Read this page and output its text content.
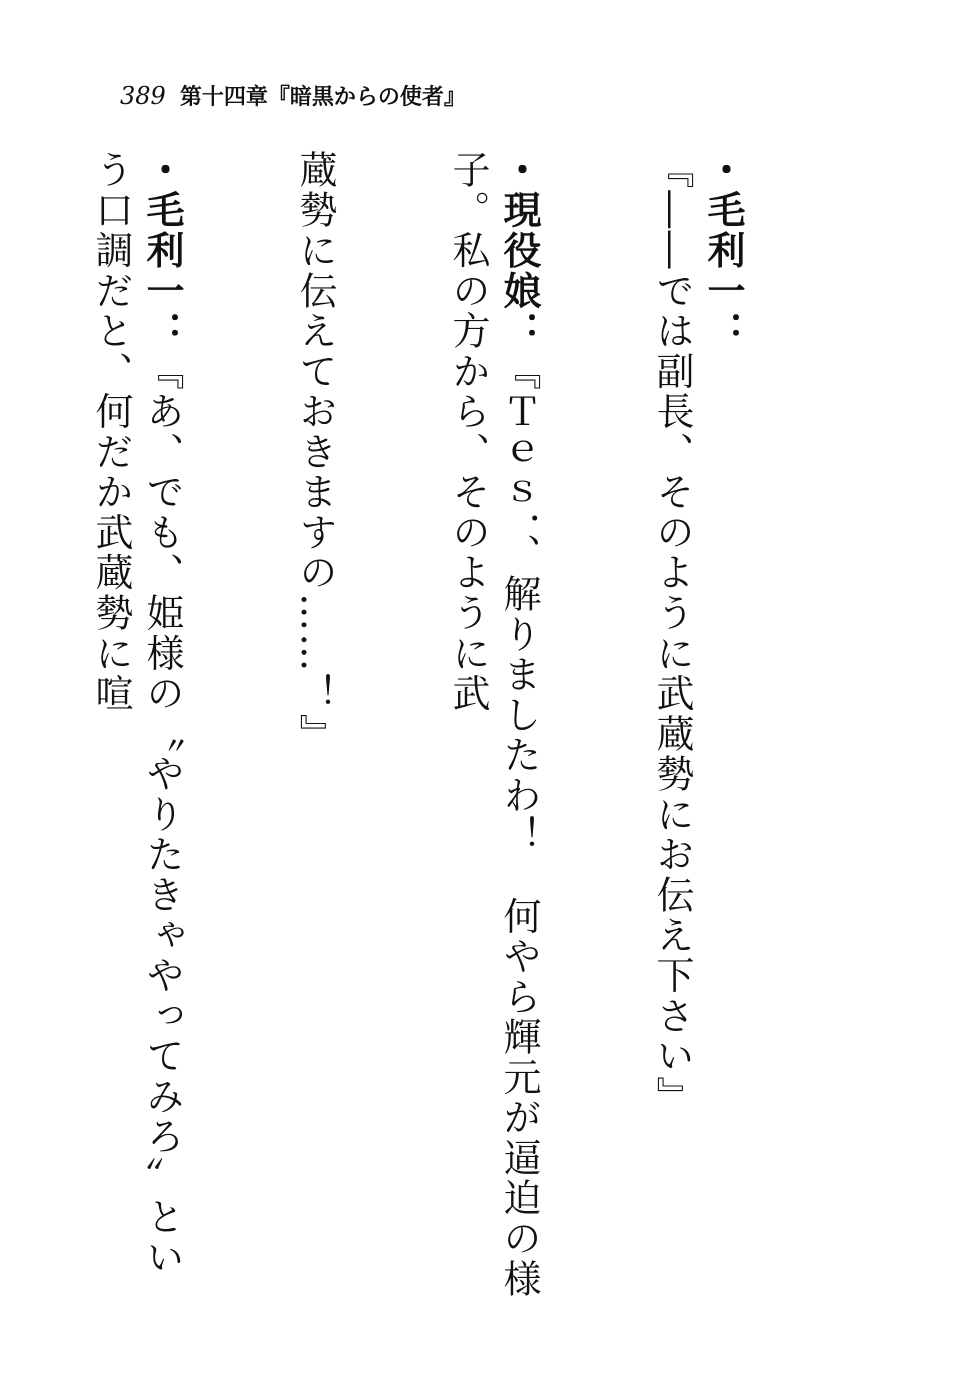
389 第十四章『暗黒からの使者』

・毛利一：『――では副長、そのように武蔵勢にお伝え下さい』

・現役娘：『Ｔｅｓ．、解りましたわ！　何やら輝元が逼迫の様子。私の方から、そのように武

蔵勢に伝えておきますの……！』

・毛利一：『あ、でも、姫様の〝やりたきゃやってみろ〟という口調だと、何だか武蔵勢に喧
